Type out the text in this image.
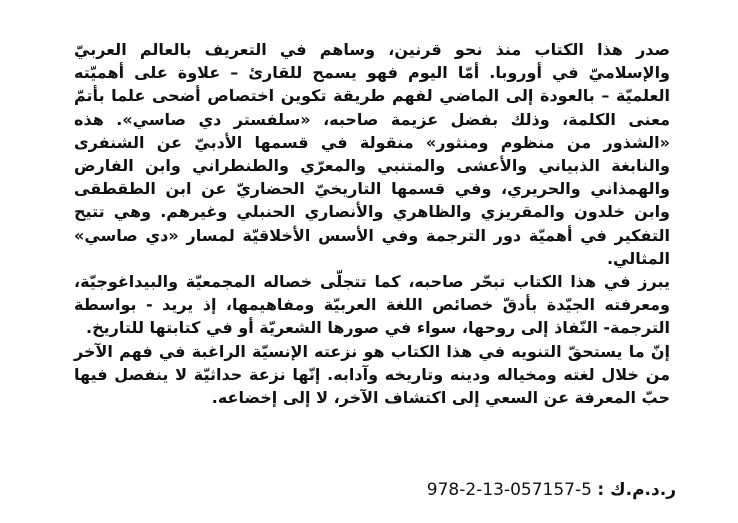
صدر هذا الكتاب منذ نحو قرنين، وساهم في التعريف بالعالم العربيّ والإسلاميّ في أوروبا. أمّا اليوم فهو يسمح للقارئ – علاوة على أهميّته العلميّة – بالعودة إلى الماضي لفهم طريقة تكوين اختصاص أضحى علما بأتمّ معنى الكلمة، وذلك بفضل عزيمة صاحبه، «سلفستر دي صاسي». هذه «الشذور من منظوم ومنثور» منقولة في قسمها الأدبيّ عن الشنفرى والنابغة الذبياني والأعشى والمتنبي والمعرّي والطنطراني وابن الفارض والهمذاني والحريري، وفي قسمها التاريخيّ الحضاريّ عن ابن الطقطقى وابن خلدون والمقريزي والظاهري والأنصاري الحنبلي وغيرهم. وهي تتيح التفكير في أهميّة دور الترجمة وفي الأسس الأخلاقيّة لمسار «دي صاسي» المثالي.

يبرز في هذا الكتاب تبحّر صاحبه، كما تتجلّى خصاله المجمعيّة والبيداغوجيّة، ومعرفته الجيّدة بأدقّ خصائص اللغة العربيّة ومفاهيمها، إذ يريد - بواسطة الترجمة- النّفاذ إلى روحها، سواء في صورها الشعريّة أو في كتابتها للتاريخ.

إنّ ما يستحقّ التنويه في هذا الكتاب هو نزعته الإنسيّة الراغبة في فهم الآخر من خلال لغته ومخياله ودينه وتاريخه وآدابه. إنّها نزعة حداثيّة لا ينفصل فيها حبّ المعرفة عن السعي إلى اكتشاف الآخر، لا إلى إخضاعه.

ر.د.م.ك : 978-2-13-057157-5
